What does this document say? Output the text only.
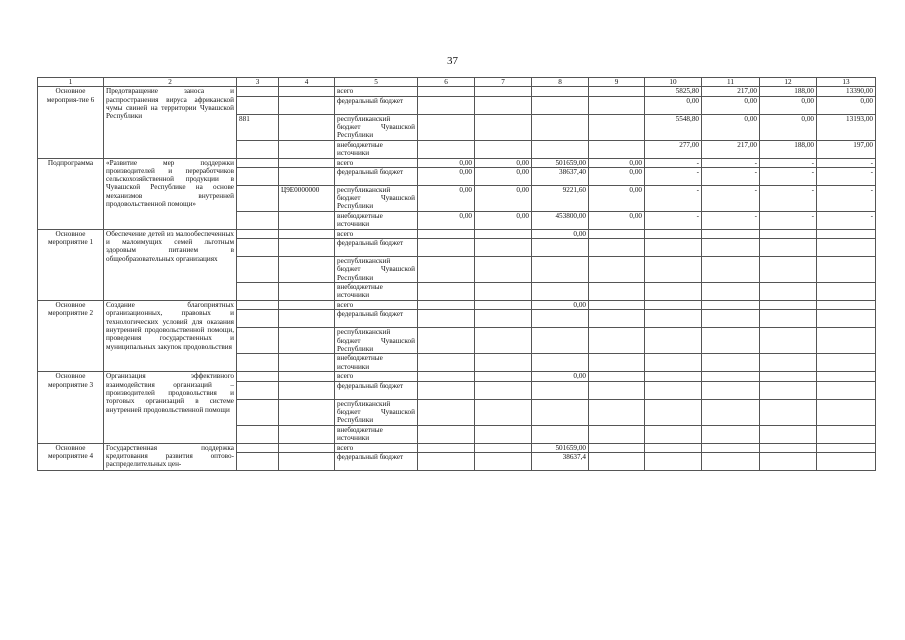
37
1	2	3	4	5	6	7	8	9	10	11	12	13
Основное мероприя-тие 6	Предотвращение заноса и распространения вируса африканской чумы свиней на территории Чувашской Республики			всего					5825,80	217,00	188,00	13390,00
				федеральный бюджет					0,00	0,00	0,00	0,00
		881		республиканский бюджет Чувашской Республики					5548,80	0,00	0,00	13193,00
				внебюджетные источники					277,00	217,00	188,00	197,00
Подпрограмма	«Развитие мер поддержки производителей и переработчиков сельскохозяйственной продукции в Чувашской Республике на основе механизмов внутренней продовольственной помощи»			всего	0,00	0,00	501659,00	0,00	-	-	-	-
				федеральный бюджет	0,00	0,00	38637,40	0,00	-	-	-	-
			Ц9Е0000000	республиканский бюджет Чувашской Республики	0,00	0,00	9221,60	0,00	-	-	-	-
				внебюджетные источники	0,00	0,00	453800,00	0,00	-	-	-	-
Основное мероприятие 1	Обеспечение детей из малообеспеченных и малоимущих семей льготным здоровым питанием в общеобразовательных организациях			всего			0,00					
				федеральный бюджет								
				республиканский бюджет Чувашской Республики								
				внебюджетные источники								
Основное мероприятие 2	Создание благоприятных организационных, правовых и технологических условий для оказания внутренней продовольственной помощи, проведения государственных и муниципальных закупок продовольствия			всего			0,00					
				федеральный бюджет								
				республиканский бюджет Чувашской Республики								
				внебюджетные источники								
Основное мероприятие 3	Организация эффективного взаимодействия организаций – производителей продовольствия и торговых организаций в системе внутренней продовольственной помощи			всего			0,00					
				федеральный бюджет								
				республиканский бюджет Чувашской Республики								
				внебюджетные источники								
Основное мероприятие 4	Государственная поддержка кредитования развития оптово-распределительных цен-			всего			501659,00					
				федеральный бюджет			38637,4					
